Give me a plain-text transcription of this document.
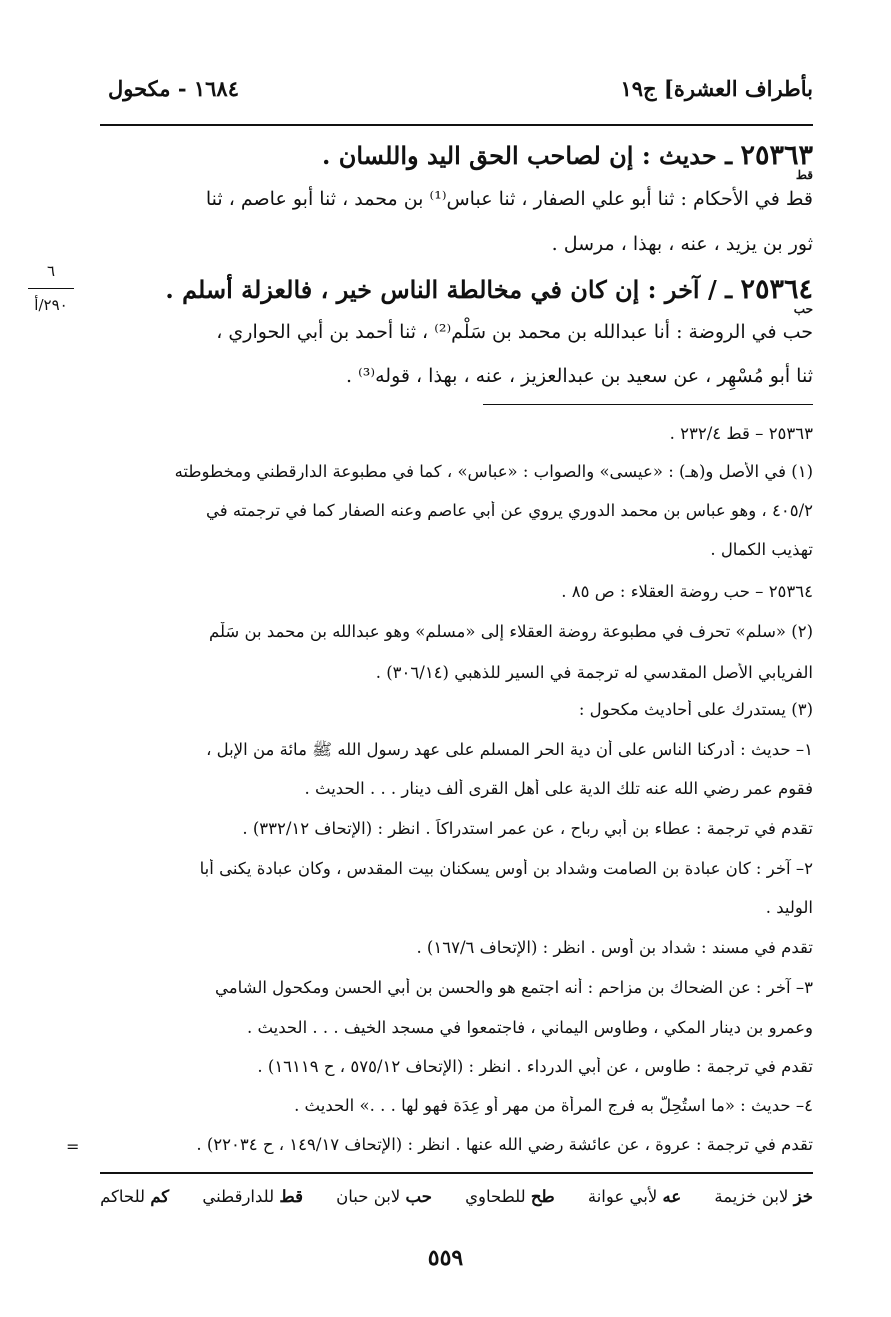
بأطراف العشرة] ج١٩
١٦٨٤ - مكحول
٢٥٣٦٣ ـ حديث : إن لصاحب الحق اليد واللسان .
قط
قط في الأحكام : ثنا أبو علي الصفار ، ثنا عباس⁽¹⁾ بن محمد ، ثنا أبو عاصم ، ثنا
ثور بن يزيد ، عنه ، بهذا ، مرسل .
٦
٢٩٠/أ	٢٥٣٦٤ ـ / آخر : إن كان في مخالطة الناس خير ، فالعزلة أسلم .
حب
حب في الروضة : أنا عبدالله بن محمد بن سَلْم⁽²⁾ ، ثنا أحمد بن أبي الحواري ،
ثنا أبو مُسْهِر ، عن سعيد بن عبدالعزيز ، عنه ، بهذا ، قوله⁽³⁾ .
٢٥٣٦٣ – قط ٢٣٢/٤ .
(١) في الأصل و(هـ) : «عيسى» والصواب : «عباس» ، كما في مطبوعة الدارقطني ومخطوطته
٤٠٥/٢ ، وهو عباس بن محمد الدوري يروي عن أبي عاصم وعنه الصفار كما في ترجمته في
تهذيب الكمال .
٢٥٣٦٤ – حب روضة العقلاء : ص ٨٥ .
(٢) «سلم» تحرف في مطبوعة روضة العقلاء إلى «مسلم» وهو عبدالله بن محمد بن سَلْم
الفريابي الأصل المقدسي له ترجمة في السير للذهبي (٣٠٦/١٤) .
(٣) يستدرك على أحاديث مكحول :
١– حديث : أدركنا الناس على أن دية الحر المسلم على عهد رسول الله ﷺ مائة من الإبل ،
فقوم عمر رضي الله عنه تلك الدية على أهل القرى ألف دينار . . . الحديث .
تقدم في ترجمة : عطاء بن أبي رباح ، عن عمر استدراكاً . انظر : (الإتحاف ٣٣٢/١٢) .
٢– آخر : كان عبادة بن الصامت وشداد بن أوس يسكنان بيت المقدس ، وكان عبادة يكنى أبا
الوليد .
تقدم في مسند : شداد بن أوس . انظر : (الإتحاف ١٦٧/٦) .
٣– آخر : عن الضحاك بن مزاحم : أنه اجتمع هو والحسن بن أبي الحسن ومكحول الشامي
وعمرو بن دينار المكي ، وطاوس اليماني ، فاجتمعوا في مسجد الخيف . . . الحديث .
تقدم في ترجمة : طاوس ، عن أبي الدرداء . انظر : (الإتحاف ٥٧٥/١٢ ، ح ١٦١١٩) .
٤– حديث : «ما استُحِلَّ به فرج المرأة من مهر أو عِدَة فهو لها . . .» الحديث .
تقدم في ترجمة : عروة ، عن عائشة رضي الله عنها . انظر : (الإتحاف ١٤٩/١٧ ، ح ٢٢٠٣٤) .
=
خز لابن خزيمة
عه لأبي عوانة
طح للطحاوي
حب لابن حبان
قط للدارقطني
كم للحاكم
٥٥٩
